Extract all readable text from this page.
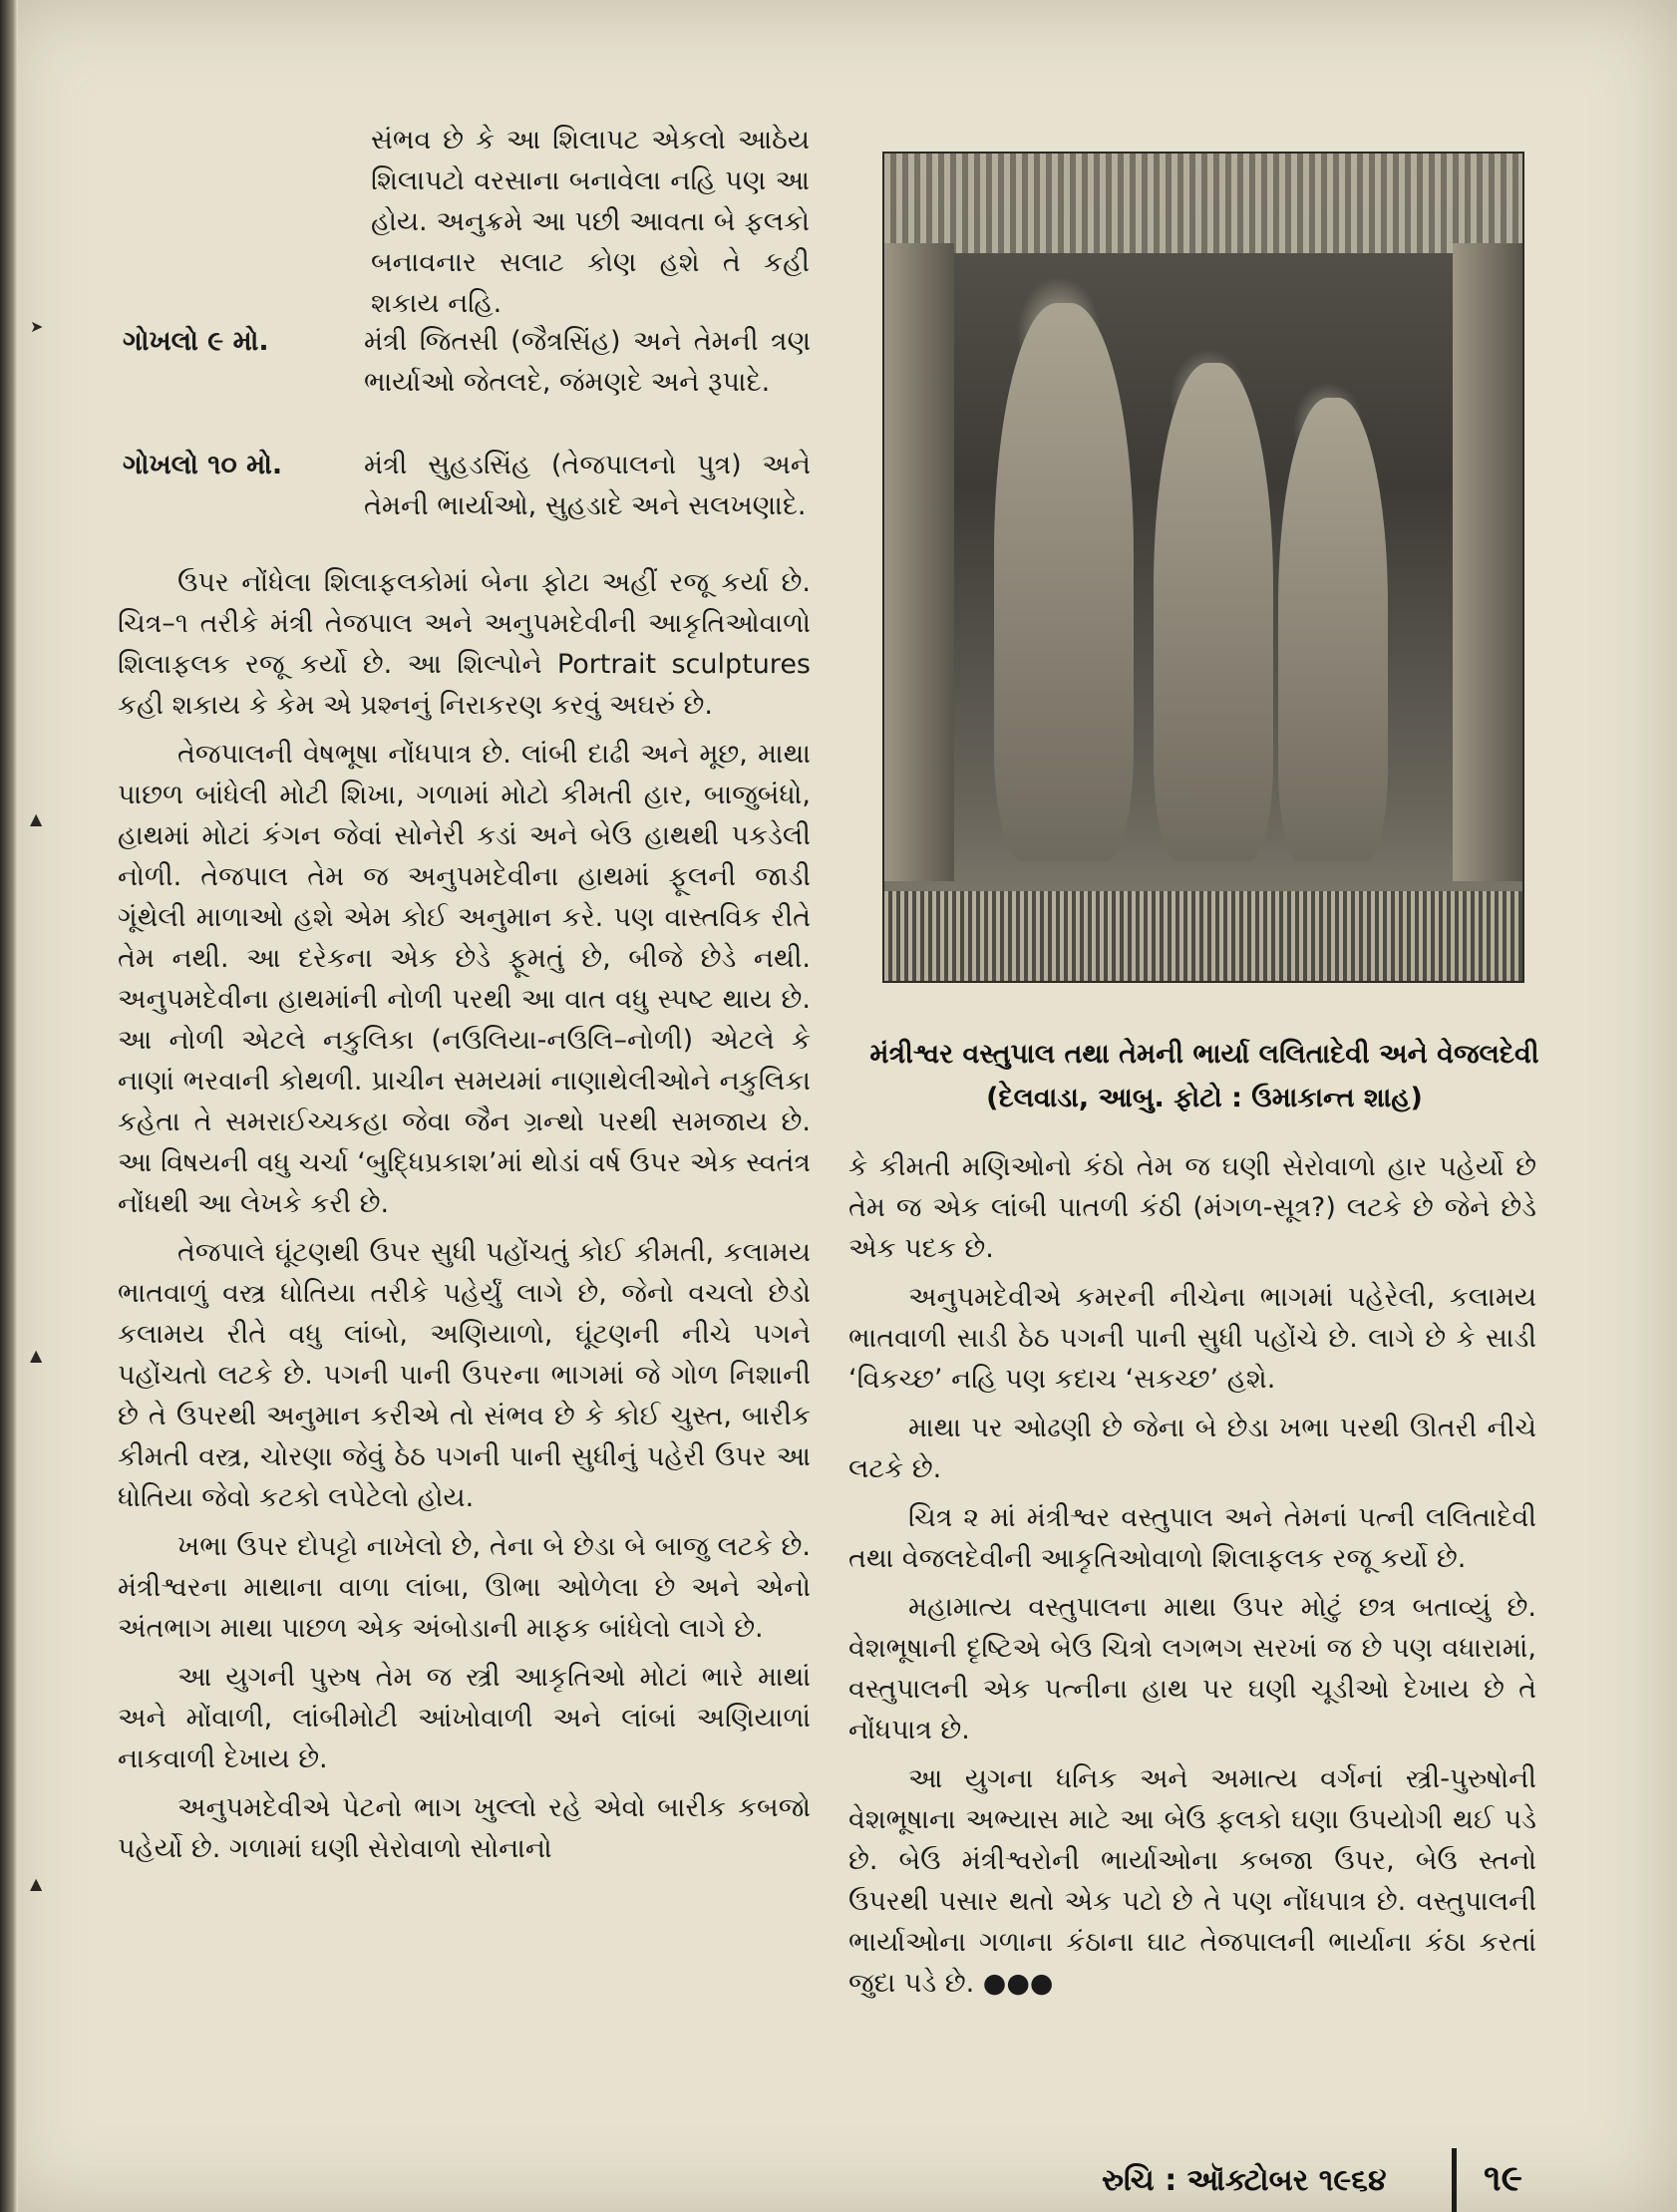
➤
▲
▲
▲
સંભવ છે કે આ શિલાપટ એકલો આઠેય શિલાપટો વરસાના બનાવેલા નહિ પણ આ હોય. અનુક્રમે આ પછી આવતા બે ફલકો બનાવનાર સલાટ કોણ હશે તે કહી શકાય નહિ.
ગોખલો ૯ મો.	મંત્રી જિતસી (જૈત્રસિંહ) અને તેમની ત્રણ ભાર્યાઓ જેતલદે, જંમણદે અને રૂપાદે.
ગોખલો ૧૦ મો.	મંત્રી સુહડસિંહ (તેજપાલનો પુત્ર) અને તેમની ભાર્યાઓ, સુહડાદે અને સલખણાદે.

ઉપર નોંધેલા શિલાફલકોમાં બેના ફોટા અહીં રજૂ કર્યા છે. ચિત્ર–૧ તરીકે મંત્રી તેજપાલ અને અનુપમદેવીની આકૃતિઓવાળો શિલાફલક રજૂ કર્યો છે. આ શિલ્પોને Portrait sculptures કહી શકાય કે કેમ એ પ્રશ્નનું નિરાકરણ કરવું અઘરું છે.

તેજપાલની વેષભૂષા નોંધપાત્ર છે. લાંબી દાઢી અને મૂછ, માથા પાછળ બાંધેલી મોટી શિખા, ગળામાં મોટો કીમતી હાર, બાજુબંધો, હાથમાં મોટાં કંગન જેવાં સોનેરી કડાં અને બેઉ હાથથી પકડેલી નોળી. તેજપાલ તેમ જ અનુપમદેવીના હાથમાં ફૂલની જાડી ગૂંથેલી માળાઓ હશે એમ કોઈ અનુમાન કરે. પણ વાસ્તવિક રીતે તેમ નથી. આ દરેકના એક છેડે ફૂમતું છે, બીજે છેડે નથી. અનુપમદેવીના હાથમાંની નોળી પરથી આ વાત વધુ સ્પષ્ટ થાય છે. આ નોળી એટલે નકુલિકા (નઉલિયા-નઉલિ–નોળી) એટલે કે નાણાં ભરવાની કોથળી. પ્રાચીન સમયમાં નાણાથેલીઓને નકુલિકા કહેતા તે સમરાઈચ્ચકહા જેવા જૈન ગ્રન્થો પરથી સમજાય છે. આ વિષયની વધુ ચર્ચા ‘બુદ્ધિપ્રકાશ’માં થોડાં વર્ષ ઉપર એક સ્વતંત્ર નોંધથી આ લેખકે કરી છે.

તેજપાલે ઘૂંટણથી ઉપર સુધી પહોંચતું કોઈ કીમતી, કલામય ભાતવાળું વસ્ત્ર ધોતિયા તરીકે પહેર્યું લાગે છે, જેનો વચલો છેડો કલામય રીતે વધુ લાંબો, અણિયાળો, ઘૂંટણની નીચે પગને પહોંચતો લટકે છે. પગની પાની ઉપરના ભાગમાં જે ગોળ નિશાની છે તે ઉપરથી અનુમાન કરીએ તો સંભવ છે કે કોઈ ચુસ્ત, બારીક કીમતી વસ્ત્ર, ચોરણા જેવું ઠેઠ પગની પાની સુધીનું પહેરી ઉપર આ ધોતિયા જેવો કટકો લપેટેલો હોય.

ખભા ઉપર દોપટ્ટો નાખેલો છે, તેના બે છેડા બે બાજુ લટકે છે. મંત્રીશ્વરના માથાના વાળા લાંબા, ઊભા ઓળેલા છે અને એનો અંતભાગ માથા પાછળ એક અંબોડાની માફક બાંધેલો લાગે છે.

આ યુગની પુરુષ તેમ જ સ્ત્રી આકૃતિઓ મોટાં ભારે માથાં અને મોંવાળી, લાંબીમોટી આંખોવાળી અને લાંબાં અણિયાળાં નાકવાળી દેખાય છે.

અનુપમદેવીએ પેટનો ભાગ ખુલ્લો રહે એવો બારીક કબજો પહેર્યો છે. ગળામાં ઘણી સેરોવાળો સોનાનો

મંત્રીશ્વર વસ્તુપાલ તથા તેમની ભાર્યા લલિતાદેવી અને વેજલદેવી
(દેલવાડા, આબુ. ફોટો : ઉમાકાન્ત શાહ)

કે કીમતી મણિઓનો કંઠો તેમ જ ઘણી સેરોવાળો હાર પહેર્યો છે તેમ જ એક લાંબી પાતળી કંઠી (મંગળ-સૂત્ર?) લટકે છે જેને છેડે એક પદક છે.

અનુપમદેવીએ કમરની નીચેના ભાગમાં પહેરેલી, કલામય ભાતવાળી સાડી ઠેઠ પગની પાની સુધી પહોંચે છે. લાગે છે કે સાડી ‘વિકચ્છ’ નહિ પણ કદાચ ‘સકચ્છ’ હશે.

માથા પર ઓઢણી છે જેના બે છેડા ખભા પરથી ઊતરી નીચે લટકે છે.

ચિત્ર ૨ માં મંત્રીશ્વર વસ્તુપાલ અને તેમનાં પત્ની લલિતાદેવી તથા વેજલદેવીની આકૃતિઓવાળો શિલાફલક રજૂ કર્યો છે.

મહામાત્ય વસ્તુપાલના માથા ઉપર મોટું છત્ર બતાવ્યું છે. વેશભૂષાની દૃષ્ટિએ બેઉ ચિત્રો લગભગ સરખાં જ છે પણ વધારામાં, વસ્તુપાલની એક પત્નીના હાથ પર ઘણી ચૂડીઓ દેખાય છે તે નોંધપાત્ર છે.

આ યુગના ધનિક અને અમાત્ય વર્ગનાં સ્ત્રી-પુરુષોની વેશભૂષાના અભ્યાસ માટે આ બેઉ ફલકો ઘણા ઉપયોગી થઈ પડે છે. બેઉ મંત્રીશ્વરોની ભાર્યાઓના કબજા ઉપર, બેઉ સ્તનો ઉપરથી પસાર થતો એક પટો છે તે પણ નોંધપાત્ર છે. વસ્તુપાલની ભાર્યાઓના ગળાના કંઠાના ઘાટ તેજપાલની ભાર્યાના કંઠા કરતાં જુદા પડે છે. ●●●

રુચિ : ઑક્ટોબર ૧૯૬૪	૧૯
